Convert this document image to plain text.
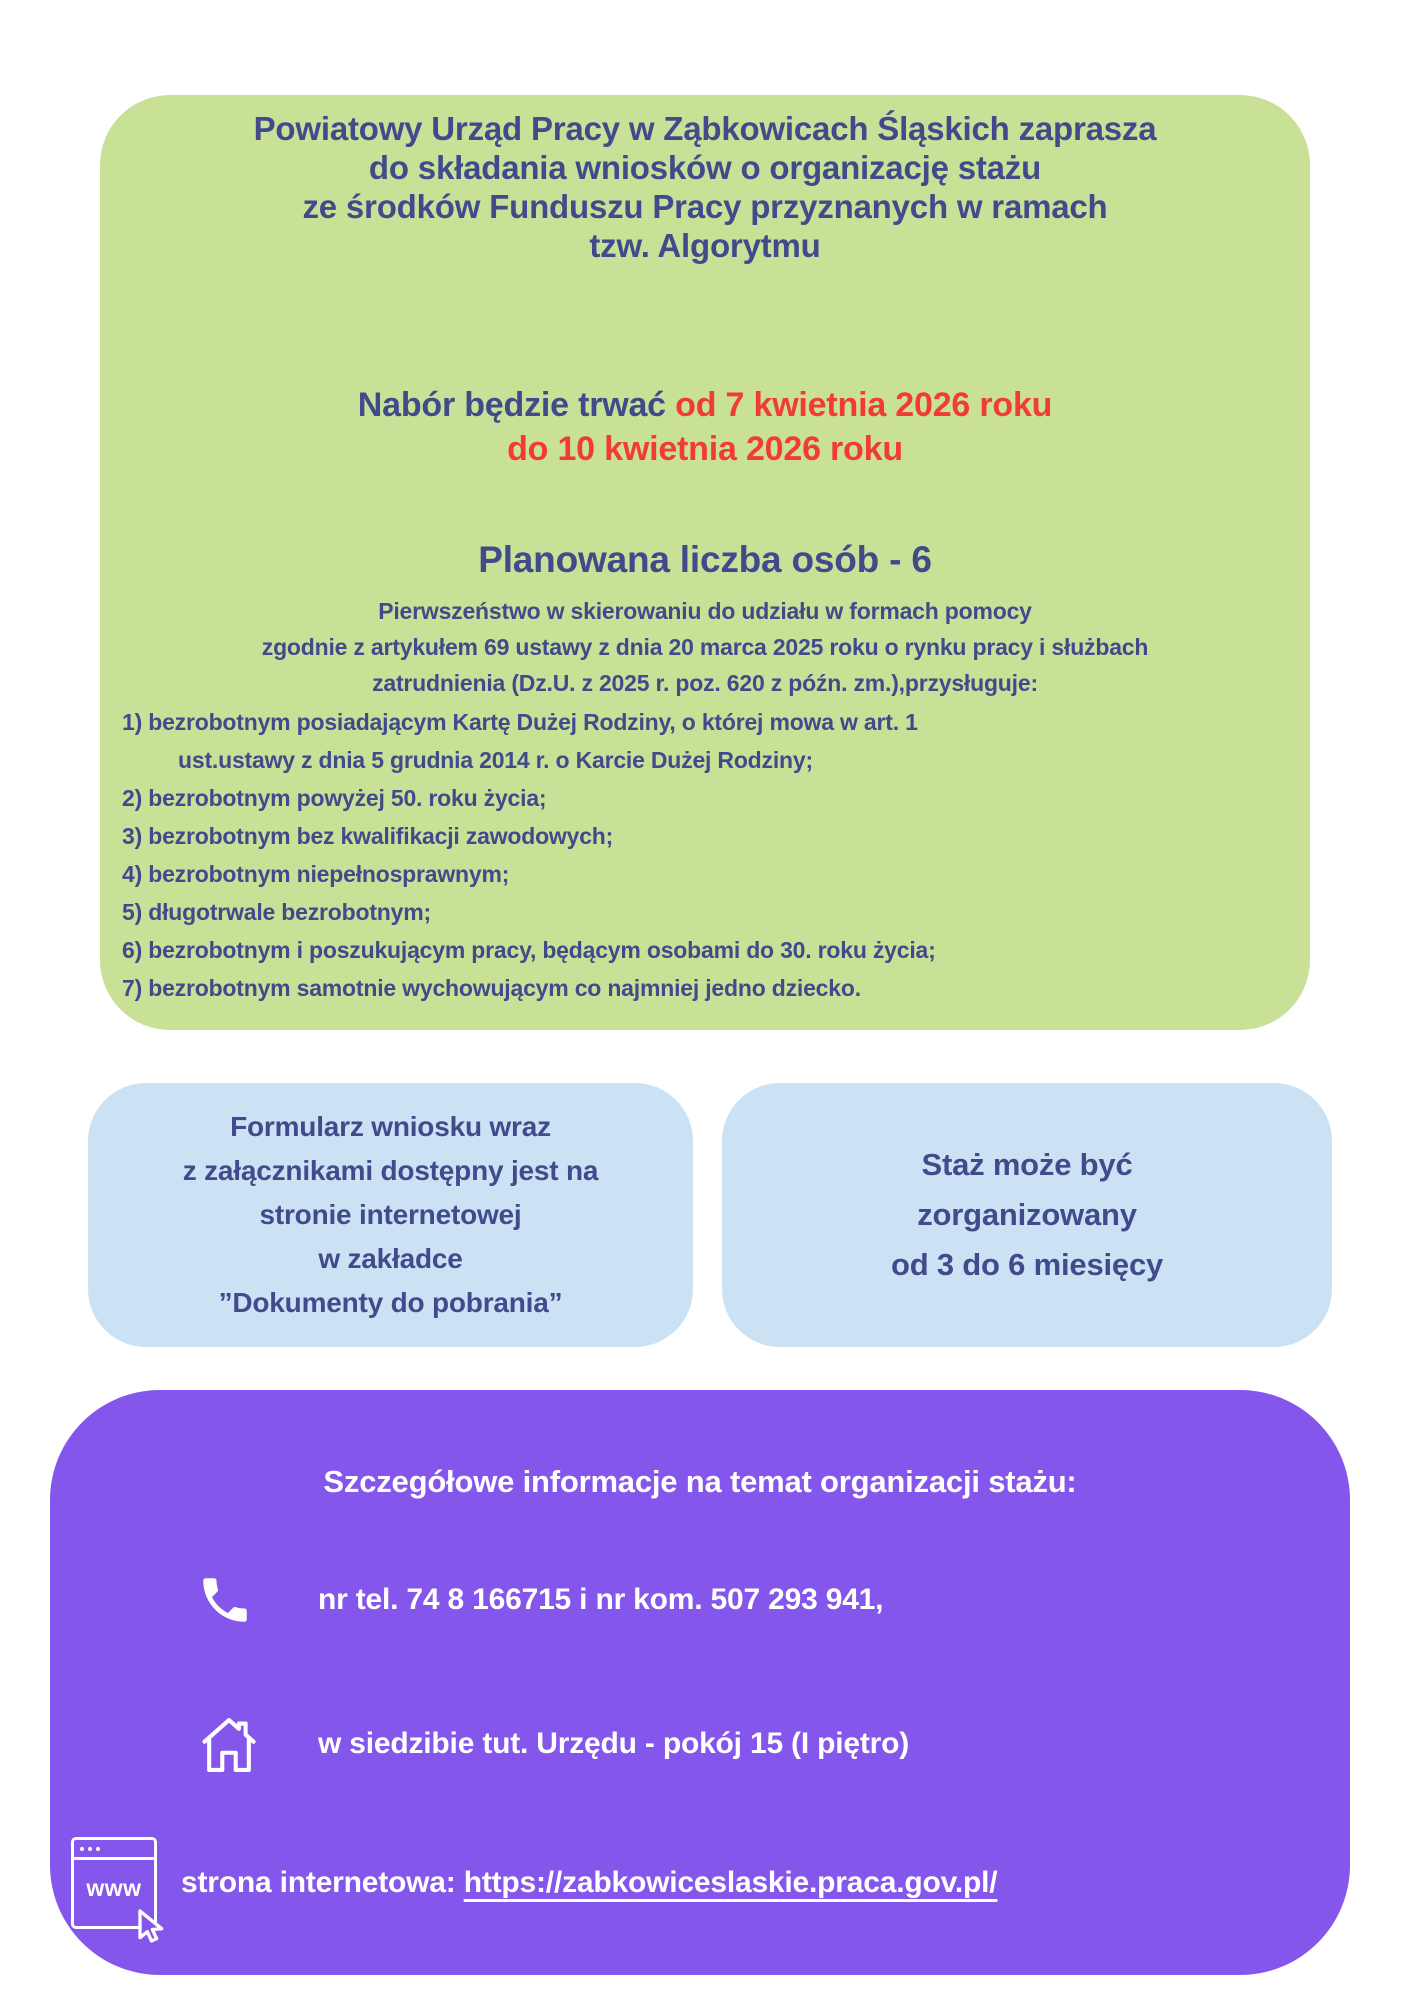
Powiatowy Urząd Pracy w Ząbkowicach Śląskich zaprasza
do składania wniosków o organizację stażu
ze środków Funduszu Pracy przyznanych w ramach
tzw. Algorytmu
Nabór będzie trwać od 7 kwietnia 2026 roku
do 10 kwietnia 2026 roku
Planowana liczba osób - 6
Pierwszeństwo w skierowaniu do udziału w formach pomocy
zgodnie z artykułem 69 ustawy z dnia 20 marca 2025 roku o rynku pracy i służbach
zatrudnienia (Dz.U. z 2025 r. poz. 620 z późn. zm.),przysługuje:
1) bezrobotnym posiadającym Kartę Dużej Rodziny, o której mowa w art. 1
ust.ustawy z dnia 5 grudnia 2014 r. o Karcie Dużej Rodziny;
2) bezrobotnym powyżej 50. roku życia;
3) bezrobotnym bez kwalifikacji zawodowych;
4) bezrobotnym niepełnosprawnym;
5) długotrwale bezrobotnym;
6) bezrobotnym i poszukującym pracy, będącym osobami do 30. roku życia;
7) bezrobotnym samotnie wychowującym co najmniej jedno dziecko.
Formularz wniosku wraz
z załącznikami dostępny jest na
stronie internetowej
w zakładce
”Dokumenty do pobrania”
Staż może być
zorganizowany
od 3 do 6 miesięcy
Szczegółowe informacje na temat organizacji stażu:
nr tel. 74 8 166715 i nr kom. 507 293 941,
w siedzibie tut. Urzędu - pokój 15 (I piętro)
www	strona internetowa: https://zabkowiceslaskie.praca.gov.pl/
